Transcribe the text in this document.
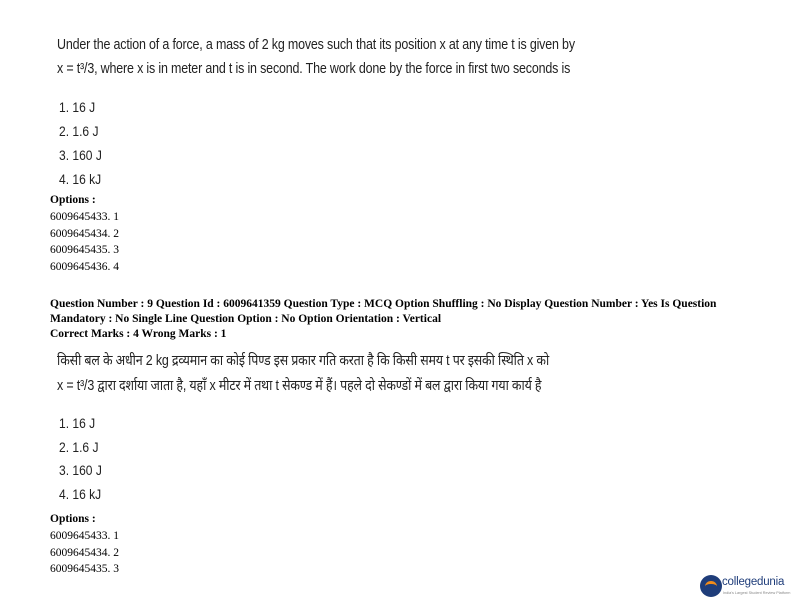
Under the action of a force, a mass of 2 kg moves such that its position x at any time t is given by
x = t³/3, where x is in meter and t is in second. The work done by the force in first two seconds is
1. 16 J
2. 1.6 J
3. 160 J
4. 16 kJ
Options :
6009645433. 1
6009645434. 2
6009645435. 3
6009645436. 4
Question Number : 9 Question Id : 6009641359 Question Type : MCQ Option Shuffling : No Display Question Number : Yes Is Question
Mandatory : No Single Line Question Option : No Option Orientation : Vertical
Correct Marks : 4 Wrong Marks : 1
किसी बल के अधीन 2 kg द्रव्यमान का कोई पिण्ड इस प्रकार गति करता है कि किसी समय t पर इसकी स्थिति x को
x = t³/3 द्वारा दर्शाया जाता है, यहाँ x मीटर में तथा t सेकण्ड में हैं। पहले दो सेकण्डों में बल द्वारा किया गया कार्य है
1. 16 J
2. 1.6 J
3. 160 J
4. 16 kJ
Options :
6009645433. 1
6009645434. 2
6009645435. 3
collegedunia
India's Largest Student Review Platform
